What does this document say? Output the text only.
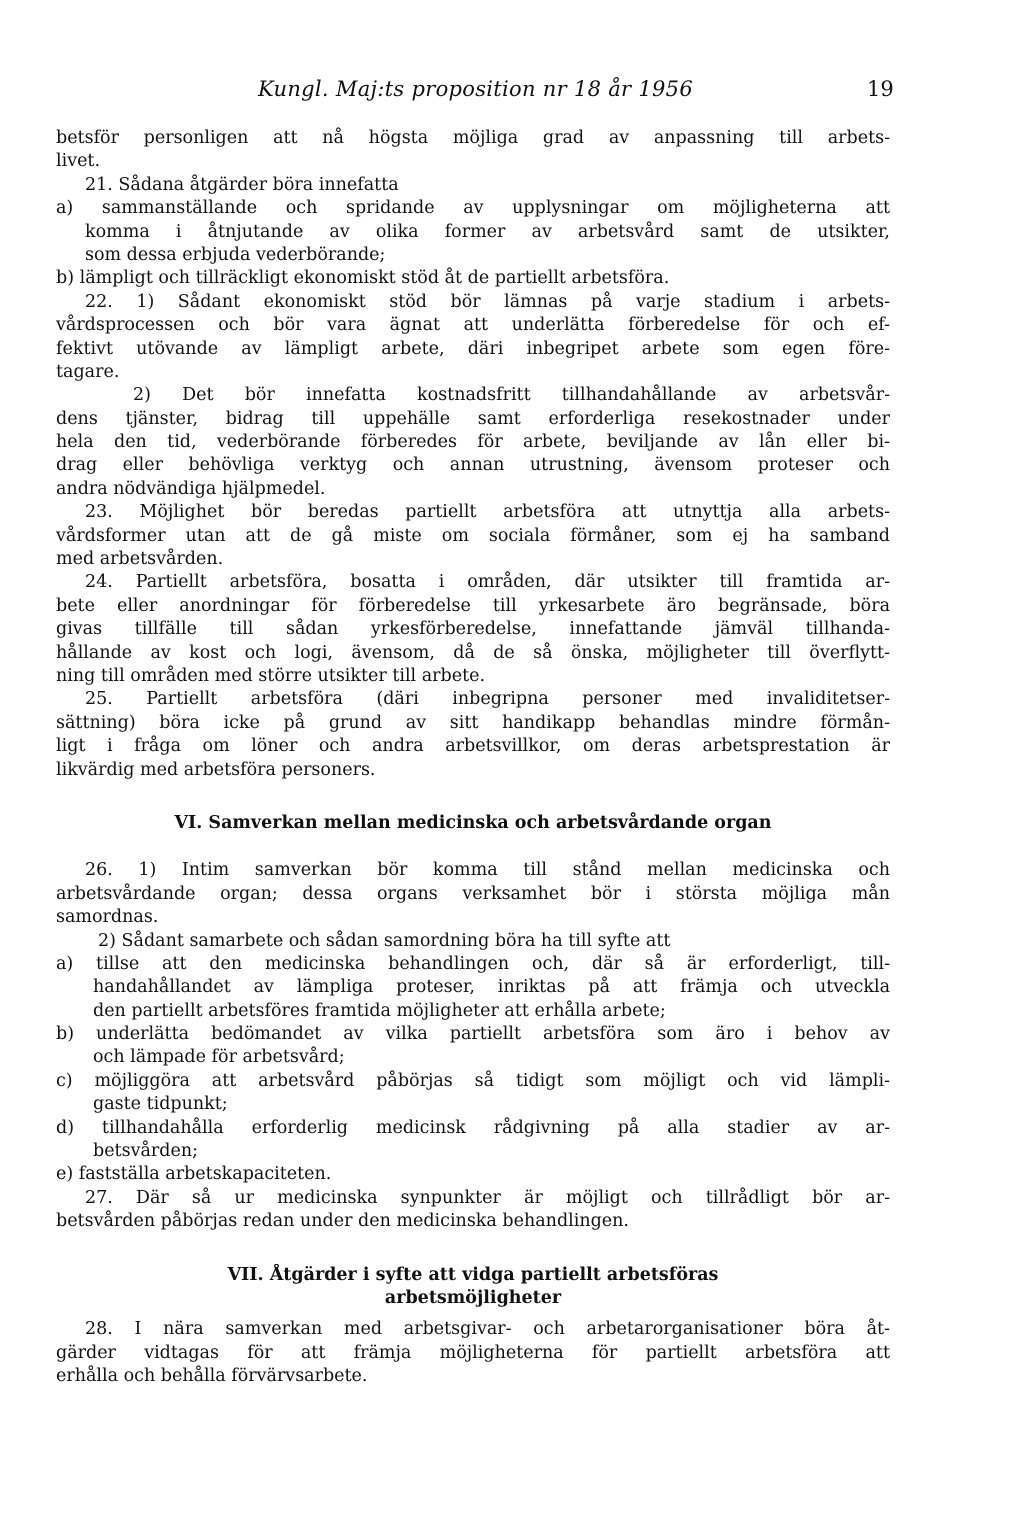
Kungl. Maj:ts proposition nr 18 år 1956	19
betsför personligen att nå högsta möjliga grad av anpassning till arbets-
livet.
21. Sådana åtgärder böra innefatta
a) sammanställande och spridande av upplysningar om möjligheterna att
komma i åtnjutande av olika former av arbetsvård samt de utsikter,
som dessa erbjuda vederbörande;
b) lämpligt och tillräckligt ekonomiskt stöd åt de partiellt arbetsföra.
22. 1) Sådant ekonomiskt stöd bör lämnas på varje stadium i arbets-
vårdsprocessen och bör vara ägnat att underlätta förberedelse för och ef-
fektivt utövande av lämpligt arbete, däri inbegripet arbete som egen före-
tagare.
2) Det bör innefatta kostnadsfritt tillhandahållande av arbetsvår-
dens tjänster, bidrag till uppehälle samt erforderliga resekostnader under
hela den tid, vederbörande förberedes för arbete, beviljande av lån eller bi-
drag eller behövliga verktyg och annan utrustning, ävensom proteser och
andra nödvändiga hjälpmedel.
23. Möjlighet bör beredas partiellt arbetsföra att utnyttja alla arbets-
vårdsformer utan att de gå miste om sociala förmåner, som ej ha samband
med arbetsvården.
24. Partiellt arbetsföra, bosatta i områden, där utsikter till framtida ar-
bete eller anordningar för förberedelse till yrkesarbete äro begränsade, böra
givas tillfälle till sådan yrkesförberedelse, innefattande jämväl tillhanda-
hållande av kost och logi, ävensom, då de så önska, möjligheter till överflytt-
ning till områden med större utsikter till arbete.
25. Partiellt arbetsföra (däri inbegripna personer med invaliditetser-
sättning) böra icke på grund av sitt handikapp behandlas mindre förmån-
ligt i fråga om löner och andra arbetsvillkor, om deras arbetsprestation är
likvärdig med arbetsföra personers.
VI. Samverkan mellan medicinska och arbetsvårdande organ
26. 1) Intim samverkan bör komma till stånd mellan medicinska och
arbetsvårdande organ; dessa organs verksamhet bör i största möjliga mån
samordnas.
2) Sådant samarbete och sådan samordning böra ha till syfte att
a) tillse att den medicinska behandlingen och, där så är erforderligt, till-
handahållandet av lämpliga proteser, inriktas på att främja och utveckla
den partiellt arbetsföres framtida möjligheter att erhålla arbete;
b) underlätta bedömandet av vilka partiellt arbetsföra som äro i behov av
och lämpade för arbetsvård;
c) möjliggöra att arbetsvård påbörjas så tidigt som möjligt och vid lämpli-
gaste tidpunkt;
d) tillhandahålla erforderlig medicinsk rådgivning på alla stadier av ar-
betsvården;
e) fastställa arbetskapaciteten.
27. Där så ur medicinska synpunkter är möjligt och tillrådligt bör ar-
betsvården påbörjas redan under den medicinska behandlingen.
VII. Åtgärder i syfte att vidga partiellt arbetsföras
arbetsmöjligheter
28. I nära samverkan med arbetsgivar- och arbetarorganisationer böra åt-
gärder vidtagas för att främja möjligheterna för partiellt arbetsföra att
erhålla och behålla förvärvsarbete.
